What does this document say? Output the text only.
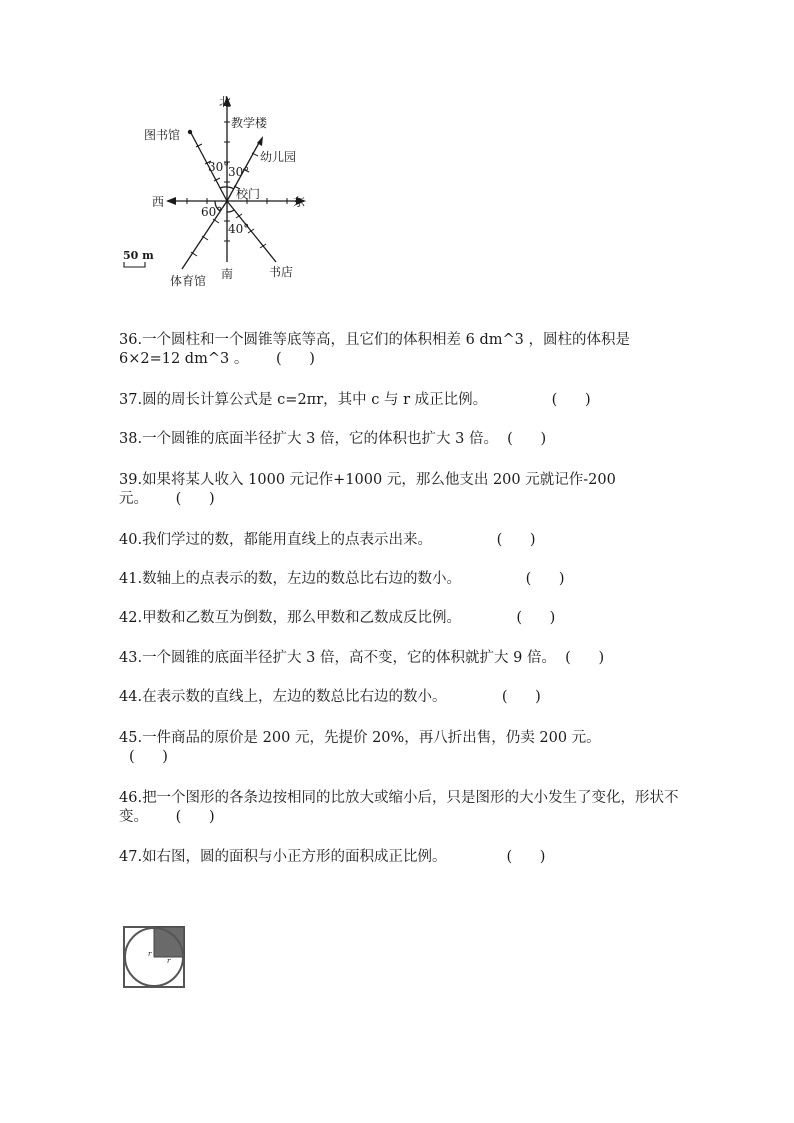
北
教学楼
图书馆
幼儿园
30°
30°
校门
西	东
60°
40°
50 m
南	书店
体育馆
36.一个圆柱和一个圆锥等底等高，且它们的体积相差 6 dm^3 ，圆柱的体积是6×2=12 dm^3 。      (      )
37.圆的周长计算公式是 c=2πr，其中 c 与 r 成正比例。              (      )
38.一个圆锥的底面半径扩大 3 倍，它的体积也扩大 3 倍。  (      )
39.如果将某人收入 1000 元记作+1000 元，那么他支出 200 元就记作-200 元。      (      )
40.我们学过的数，都能用直线上的点表示出来。              (      )
41.数轴上的点表示的数，左边的数总比右边的数小。              (      )
42.甲数和乙数互为倒数，那么甲数和乙数成反比例。            (      )
43.一个圆锥的底面半径扩大 3 倍，高不变，它的体积就扩大 9 倍。  (      )
44.在表示数的直线上，左边的数总比右边的数小。            (      )
45.一件商品的原价是 200 元，先提价 20%，再八折出售，仍卖 200 元。
(      )
46.把一个图形的各条边按相同的比放大或缩小后，只是图形的大小发生了变化，形状不变。      (      )
47.如右图，圆的面积与小正方形的面积成正比例。             (      )
r
r
